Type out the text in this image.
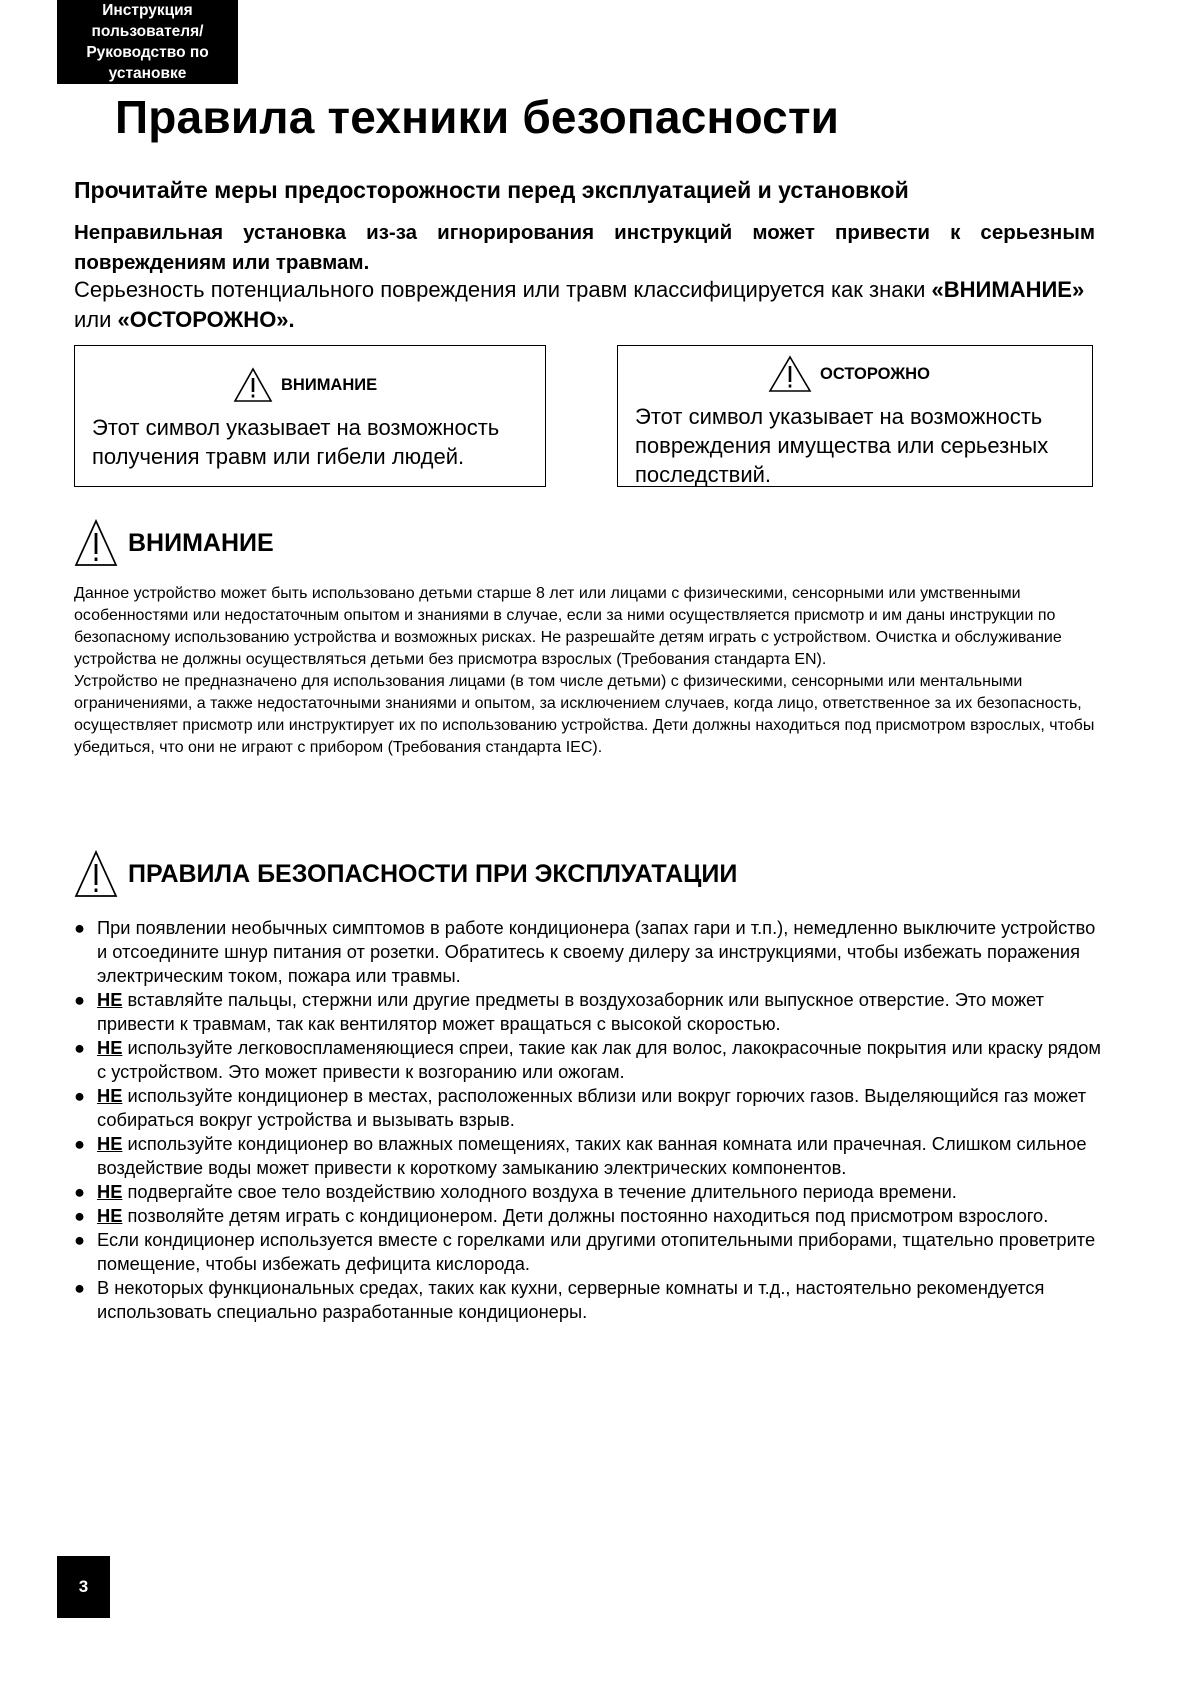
Инструкция
пользователя/
Руководство по
установке
Правила техники безопасности

Прочитайте меры предосторожности перед эксплуатацией и установкой

Неправильная установка из-за игнорирования инструкций может привести к серьезным повреждениям или травмам.

Серьезность потенциального повреждения или травм классифицируется как знаки «ВНИМАНИЕ» или «ОСТОРОЖНО».

ВНИМАНИЕ
Этот символ указывает на возможность получения травм или гибели людей.
ОСТОРОЖНО
Этот символ указывает на возможность повреждения имущества или серьезных последствий.
ВНИМАНИЕ

Данное устройство может быть использовано детьми старше 8 лет или лицами с физическими, сенсорными или умственными особенностями или недостаточным опытом и знаниями в случае, если за ними осуществляется присмотр и им даны инструкции по безопасному использованию устройства и возможных рисках. Не разрешайте детям играть с устройством. Очистка и обслуживание устройства не должны осуществляться детьми без присмотра взрослых (Требования стандарта EN).

Устройство не предназначено для использования лицами (в том числе детьми) с физическими, сенсорными или ментальными ограничениями, а также недостаточными знаниями и опытом, за исключением случаев, когда лицо, ответственное за их безопасность, осуществляет присмотр или инструктирует их по использованию устройства. Дети должны находиться под присмотром взрослых, чтобы убедиться, что они не играют с прибором (Требования стандарта IEC).

ПРАВИЛА БЕЗОПАСНОСТИ ПРИ ЭКСПЛУАТАЦИИ
● При появлении необычных симптомов в работе кондиционера (запах гари и т.п.), немедленно выключите устройство и отсоедините шнур питания от розетки. Обратитесь к своему дилеру за инструкциями, чтобы избежать поражения электрическим током, пожара или травмы.
● НЕ вставляйте пальцы, стержни или другие предметы в воздухозаборник или выпускное отверстие. Это может привести к травмам, так как вентилятор может вращаться с высокой скоростью.
● НЕ используйте легковоспламеняющиеся спреи, такие как лак для волос, лакокрасочные покрытия или краску рядом с устройством. Это может привести к возгоранию или ожогам.
● НЕ используйте кондиционер в местах, расположенных вблизи или вокруг горючих газов. Выделяющийся газ может собираться вокруг устройства и вызывать взрыв.
● НЕ используйте кондиционер во влажных помещениях, таких как ванная комната или прачечная. Слишком сильное воздействие воды может привести к короткому замыканию электрических компонентов.
● НЕ подвергайте свое тело воздействию холодного воздуха в течение длительного периода времени.
● НЕ позволяйте детям играть с кондиционером. Дети должны постоянно находиться под присмотром взрослого.
● Если кондиционер используется вместе с горелками или другими отопительными приборами, тщательно проветрите помещение, чтобы избежать дефицита кислорода.
● В некоторых функциональных средах, таких как кухни, серверные комнаты и т.д., настоятельно рекомендуется использовать специально разработанные кондиционеры.
3
